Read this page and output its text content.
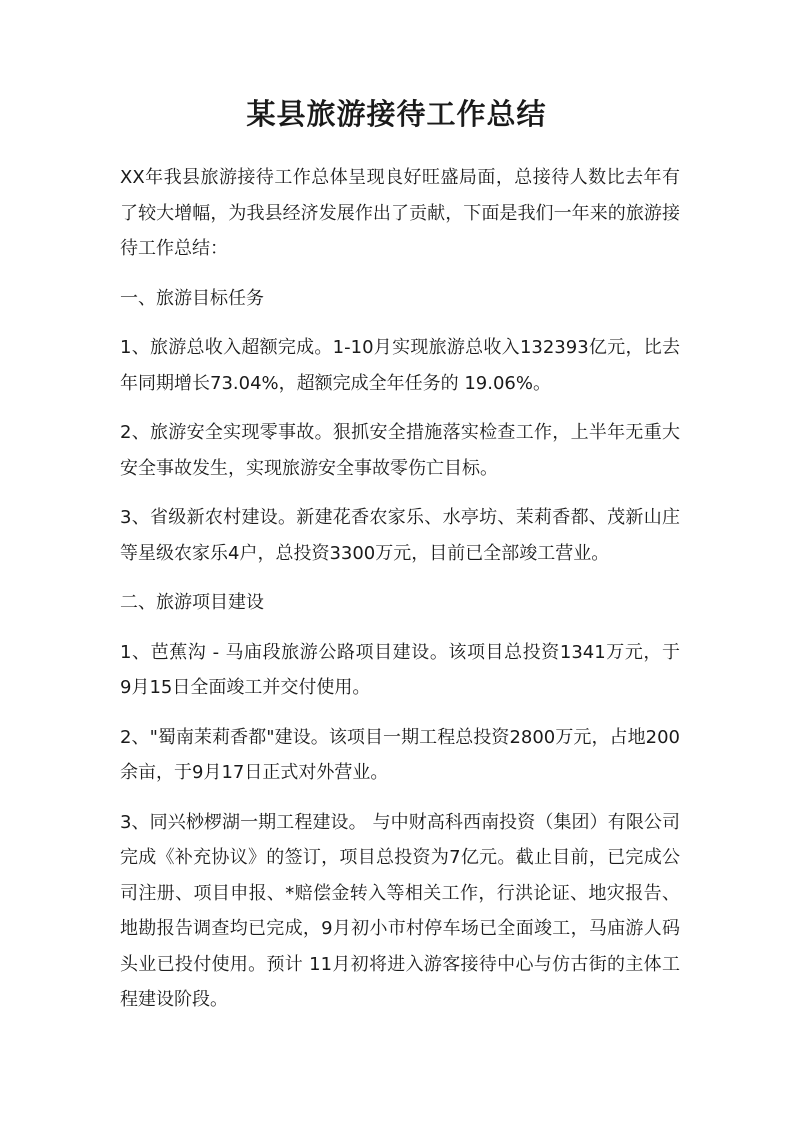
某县旅游接待工作总结

XX年我县旅游接待工作总体呈现良好旺盛局面，总接待人数比去年有了较大增幅，为我县经济发展作出了贡献，下面是我们一年来的旅游接待工作总结：

一、旅游目标任务

1、旅游总收入超额完成。1-10月实现旅游总收入132393亿元，比去年同期增长73.04%，超额完成全年任务的 19.06%。

2、旅游安全实现零事故。狠抓安全措施落实检查工作，上半年无重大安全事故发生，实现旅游安全事故零伤亡目标。

3、省级新农村建设。新建花香农家乐、水亭坊、茉莉香都、茂新山庄等星级农家乐4户，总投资3300万元，目前已全部竣工营业。

二、旅游项目建设

1、芭蕉沟 - 马庙段旅游公路项目建设。该项目总投资1341万元，于 9月15日全面竣工并交付使用。

2、"蜀南茉莉香都"建设。该项目一期工程总投资2800万元，占地200余亩，于9月17日正式对外营业。

3、同兴桫椤湖一期工程建设。 与中财高科西南投资（集团）有限公司完成《补充协议》的签订，项目总投资为7亿元。截止目前，已完成公司注册、项目申报、*赔偿金转入等相关工作，行洪论证、地灾报告、地勘报告调查均已完成，9月初小市村停车场已全面竣工，马庙游人码头业已投付使用。预计 11月初将进入游客接待中心与仿古街的主体工程建设阶段。
